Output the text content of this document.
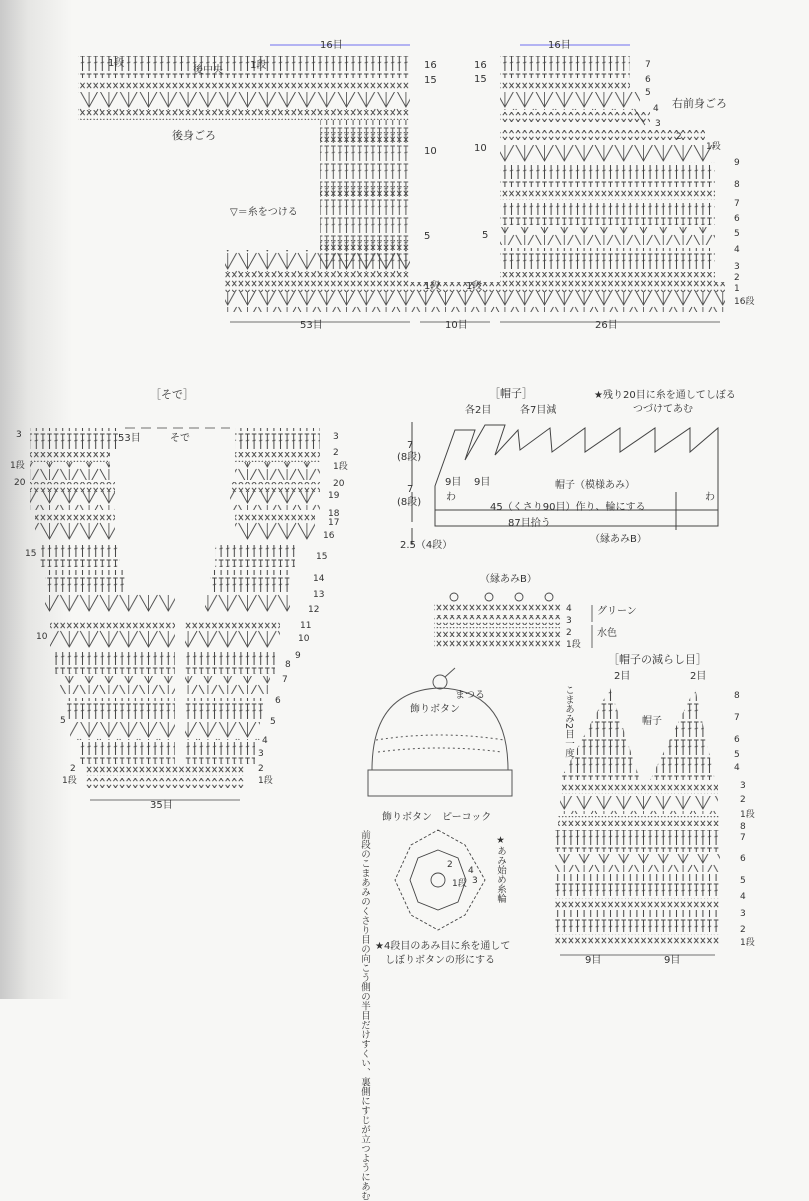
16目
1段	1段
後中央	16
15
10
5
1段
後身ごろ
▽＝糸をつける
53目	10目	26目
1段
16目
右前身ごろ
16
15
10
5
7
6
5
4
3
2
1段
9
8
7
6
5
4
3
2
1
16段
［そで］
53目	そで
35目
3
1段
20
15
10
5
2
1段
3
2
1段
20
19
18
17
16
15
14
13
12
11
10
9
8
7
6
5
4
3
2
1段
［帽子］	★残り20目に糸を通してしぼる
つづけてあむ
各2目	各7目減
7
(8段)
7
(8段)
2.5（4段）
9目 9目
わ	わ
帽子（模様あみ）
45（くさり90目）作り、輪にする
87目拾う
（縁あみB）
（縁あみB）
4
3
2
1段
グリーン
水色
まつる
飾りボタン
飾りボタン　ピーコック
★あみ始め糸輪
前段のこまあみのくさり目の向こう側の半目だけすくい、裏側にすじが立つようにあむ ★4段目のあみ目に糸を通して
しぼりボタンの形にする
4
3
2
1段
［帽子の減らし目］
2目	2目
こまあみ2目一度	帽子
8
7
6
5
4
3
2
1段
8
7
6
5
4
3
2
1段
9目	9目
